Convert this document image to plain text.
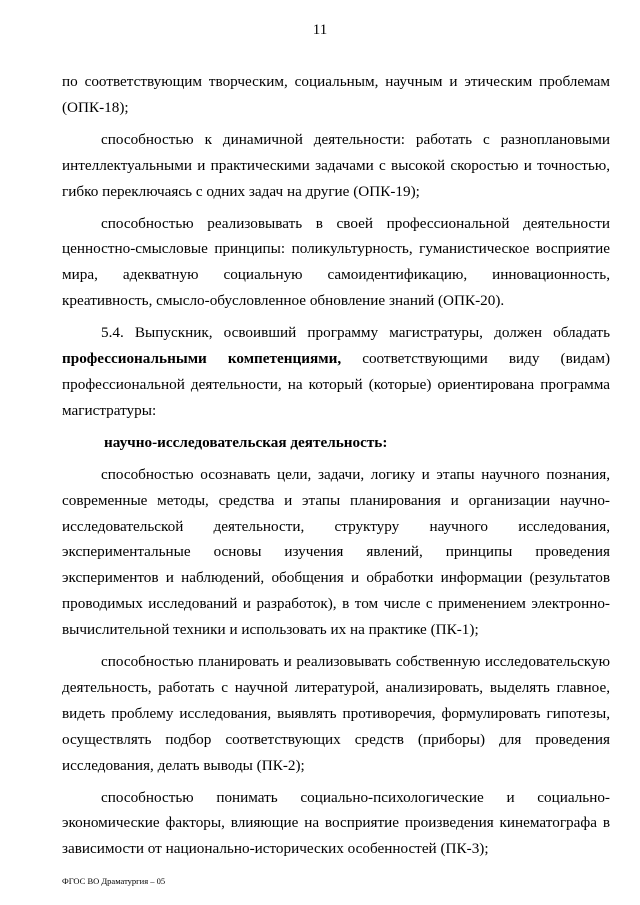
11

по соответствующим творческим, социальным, научным и этическим проблемам (ОПК-18);

способностью к динамичной деятельности: работать с разноплановыми интеллектуальными и практическими задачами с высокой скоростью и точностью, гибко переключаясь с одних задач на другие (ОПК-19);

способностью реализовывать в своей профессиональной деятельности ценностно-смысловые принципы: поликультурность, гуманистическое восприятие мира, адекватную социальную самоидентификацию, инновационность, креативность, смысло-обусловленное обновление знаний (ОПК-20).

5.4. Выпускник, освоивший программу магистратуры, должен обладать профессиональными компетенциями, соответствующими виду (видам) профессиональной деятельности, на который (которые) ориентирована программа магистратуры:

научно-исследовательская деятельность:

способностью осознавать цели, задачи, логику и этапы научного познания, современные методы, средства и этапы планирования и организации научно-исследовательской деятельности, структуру научного исследования, экспериментальные основы изучения явлений, принципы проведения экспериментов и наблюдений, обобщения и обработки информации (результатов проводимых исследований и разработок), в том числе с применением электронно-вычислительной техники и использовать их на практике (ПК-1);

способностью планировать и реализовывать собственную исследовательскую деятельность, работать с научной литературой, анализировать, выделять главное, видеть проблему исследования, выявлять противоречия, формулировать гипотезы, осуществлять подбор соответствующих средств (приборы) для проведения исследования, делать выводы (ПК-2);

способностью понимать социально-психологические и социально-экономические факторы, влияющие на восприятие произведения кинематографа в зависимости от национально-исторических особенностей (ПК-3);

ФГОС ВО Драматургия – 05
